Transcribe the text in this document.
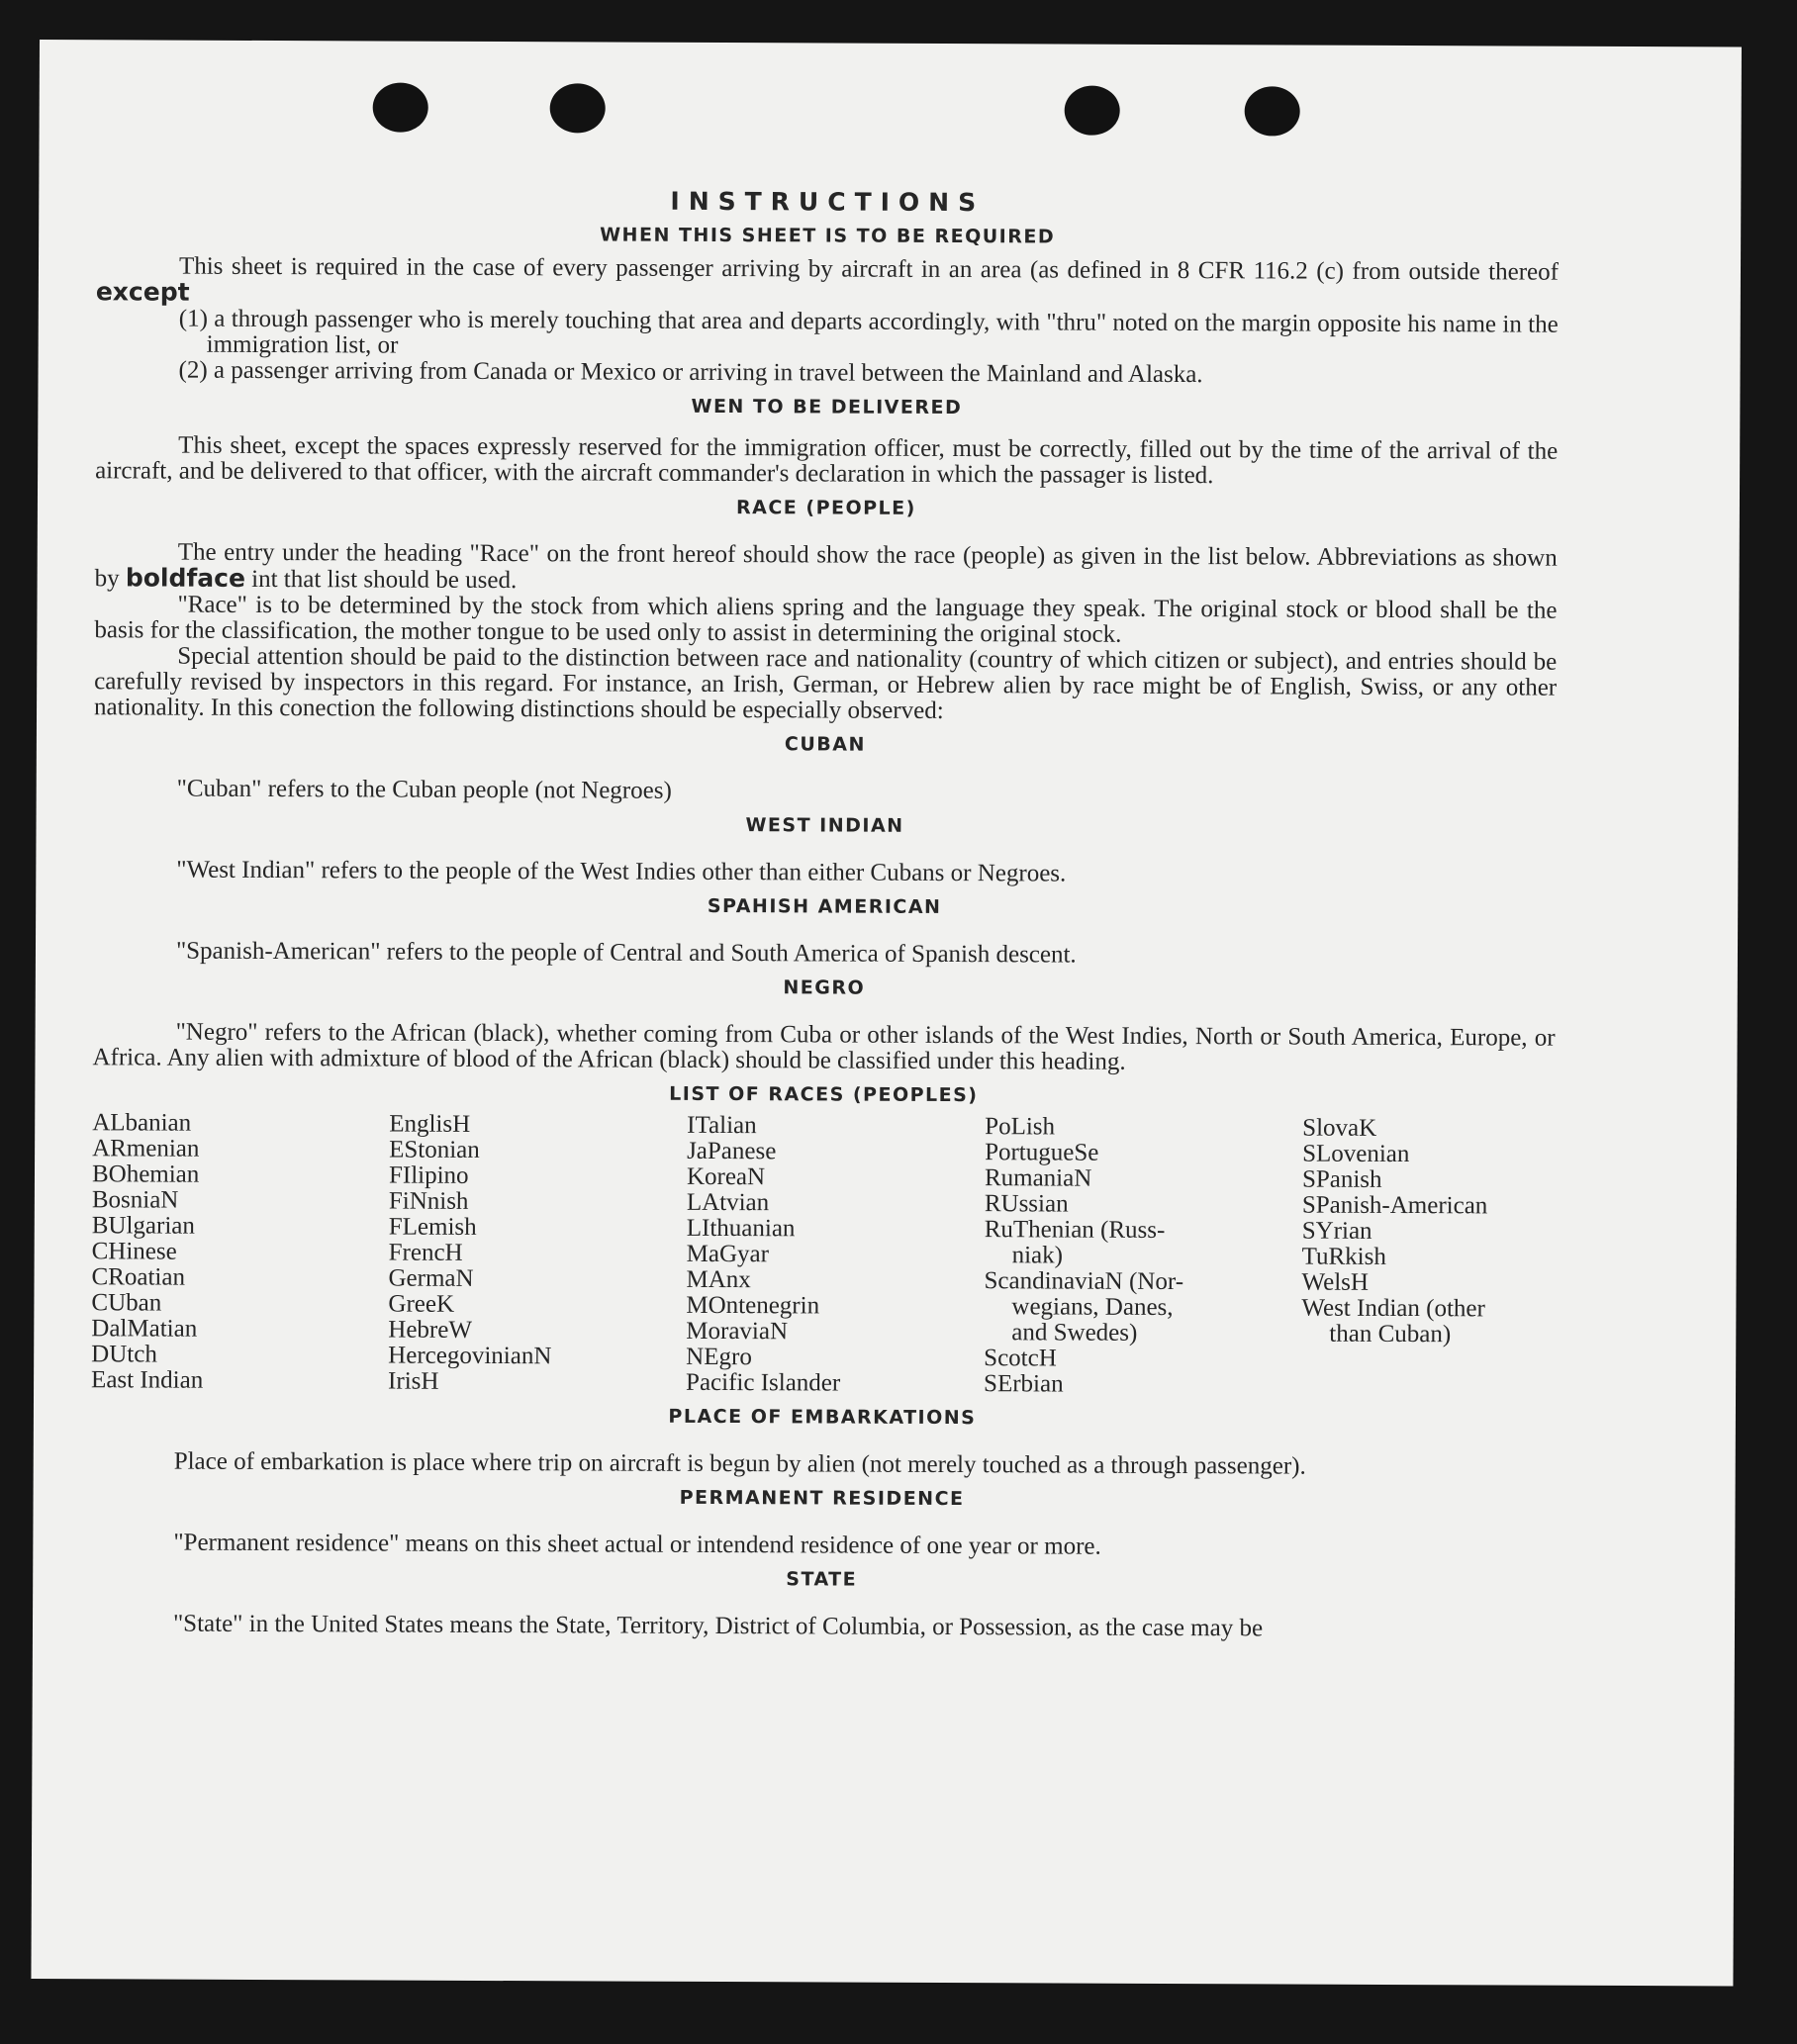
INSTRUCTIONS
WHEN THIS SHEET IS TO BE REQUIRED

This sheet is required in the case of every passenger arriving by aircraft in an area (as defined in 8 CFR 116.2 (c) from outside thereof except

(1) a through passenger who is merely touching that area and departs accordingly, with "thru" noted on the margin opposite his name in the immigration list, or

(2) a passenger arriving from Canada or Mexico or arriving in travel between the Mainland and Alaska.

WEN TO BE DELIVERED

This sheet, except the spaces expressly reserved for the immigration officer, must be correctly, filled out by the time of the arrival of the aircraft, and be delivered to that officer, with the aircraft commander's declaration in which the passager is listed.

RACE (PEOPLE)

The entry under the heading "Race" on the front hereof should show the race (people) as given in the list below. Abbreviations as shown by boldface int that list should be used.

"Race" is to be determined by the stock from which aliens spring and the language they speak. The original stock or blood shall be the basis for the classification, the mother tongue to be used only to assist in determining the original stock.

Special attention should be paid to the distinction between race and nationality (country of which citizen or subject), and entries should be carefully revised by inspectors in this regard. For instance, an Irish, German, or Hebrew alien by race might be of English, Swiss, or any other nationality. In this conection the following distinctions should be especially observed:

CUBAN

"Cuban" refers to the Cuban people (not Negroes)

WEST INDIAN

"West Indian" refers to the people of the West Indies other than either Cubans or Negroes.

SPAHISH AMERICAN

"Spanish-American" refers to the people of Central and South America of Spanish descent.

NEGRO

"Negro" refers to the African (black), whether coming from Cuba or other islands of the West Indies, North or South America, Europe, or Africa. Any alien with admixture of blood of the African (black) should be classified under this heading.

LIST OF RACES (PEOPLES)
ALbanian
ARmenian
BOhemian
BosniaN
BUlgarian
CHinese
CRoatian
CUban
DalMatian
DUtch
East Indian
EnglisH
EStonian
FIlipino
FiNnish
FLemish
FrencH
GermaN
GreeK
HebreW
HercegovinianN
IrisH
ITalian
JaPanese
KoreaN
LAtvian
LIthuanian
MaGyar
MAnx
MOntenegrin
MoraviaN
NEgro
Pacific Islander
PoLish
PortugueSe
RumaniaN
RUssian
RuThenian (Russ-
niak)
ScandinaviaN (Nor-
wegians, Danes,
and Swedes)
ScotcH
SErbian
SlovaK
SLovenian
SPanish
SPanish-American
SYrian
TuRkish
WelsH
West Indian (other
than Cuban)
PLACE OF EMBARKATIONS

Place of embarkation is place where trip on aircraft is begun by alien (not merely touched as a through passenger).

PERMANENT RESIDENCE

"Permanent residence" means on this sheet actual or intendend residence of one year or more.

STATE

"State" in the United States means the State, Territory, District of Columbia, or Possession, as the case may be
